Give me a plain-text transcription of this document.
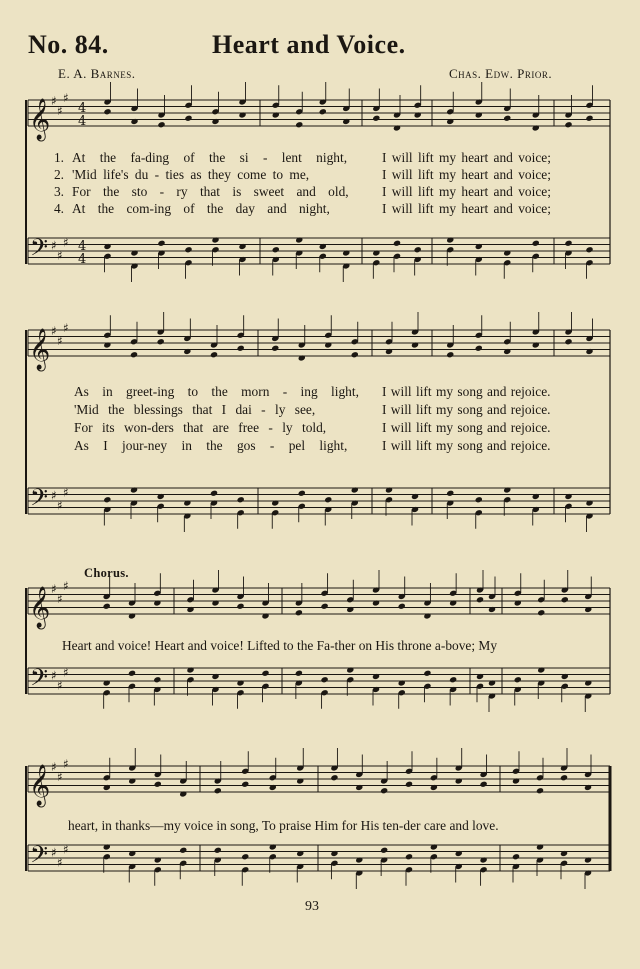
No. 84.	Heart and Voice.
E. A. Barnes.	Chas. Edw. Prior.
𝄞 ♯
♯
♯
𝄢 ♯
♯
♯
4
4
4
4
𝄞 ♯
♯
♯
𝄢 ♯
♯
♯
𝄞 ♯
♯
♯
𝄢 ♯
♯
♯
𝄞 ♯
♯
♯
𝄢 ♯
♯
♯
1. At the fa-ding of the si - lent night,	I will lift my heart and voice;
2. 'Mid life's du - ties as they come to me,	I will lift my heart and voice;
3. For the sto - ry that is sweet and old, I will lift my heart and voice;
4. At the com-ing of the day and night,	I will lift my heart and voice;
As in greet-ing to the morn - ing light, I will lift my song and rejoice.
'Mid the blessings that I dai - ly see,	I will lift my song and rejoice.
For its won-ders that are free - ly told,	I will lift my song and rejoice.
As I jour-ney in the gos - pel light,	I will lift my song and rejoice.
Chorus.
Heart and voice! Heart and voice! Lifted to the Fa-ther on His throne a-bove; My
heart, in thanks—my voice in song, To praise Him for His ten-der care and love.
93
